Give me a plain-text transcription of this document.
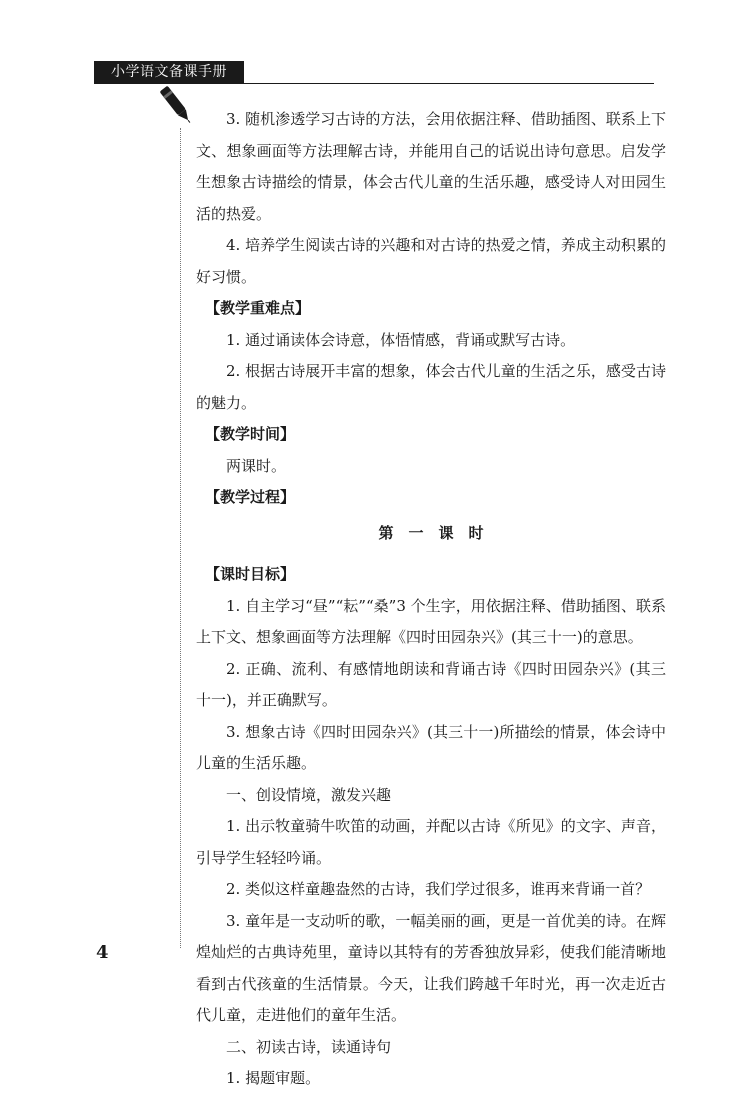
小学语文备课手册

3. 随机渗透学习古诗的方法，会用依据注释、借助插图、联系上下文、想象画面等方法理解古诗，并能用自己的话说出诗句意思。启发学生想象古诗描绘的情景，体会古代儿童的生活乐趣，感受诗人对田园生活的热爱。

4. 培养学生阅读古诗的兴趣和对古诗的热爱之情，养成主动积累的好习惯。

【教学重难点】

1. 通过诵读体会诗意，体悟情感，背诵或默写古诗。

2. 根据古诗展开丰富的想象，体会古代儿童的生活之乐，感受古诗的魅力。

【教学时间】

两课时。

【教学过程】

第　一　课　时

【课时目标】

1. 自主学习“昼”“耘”“桑”3 个生字，用依据注释、借助插图、联系上下文、想象画面等方法理解《四时田园杂兴》(其三十一)的意思。

2. 正确、流利、有感情地朗读和背诵古诗《四时田园杂兴》(其三十一)，并正确默写。

3. 想象古诗《四时田园杂兴》(其三十一)所描绘的情景，体会诗中儿童的生活乐趣。

一、创设情境，激发兴趣

1. 出示牧童骑牛吹笛的动画，并配以古诗《所见》的文字、声音，引导学生轻轻吟诵。

2. 类似这样童趣盎然的古诗，我们学过很多，谁再来背诵一首？

3. 童年是一支动听的歌，一幅美丽的画，更是一首优美的诗。在辉煌灿烂的古典诗苑里，童诗以其特有的芳香独放异彩，使我们能清晰地看到古代孩童的生活情景。今天，让我们跨越千年时光，再一次走近古代儿童，走进他们的童年生活。

二、初读古诗，读通诗句

1. 揭题审题。

4
